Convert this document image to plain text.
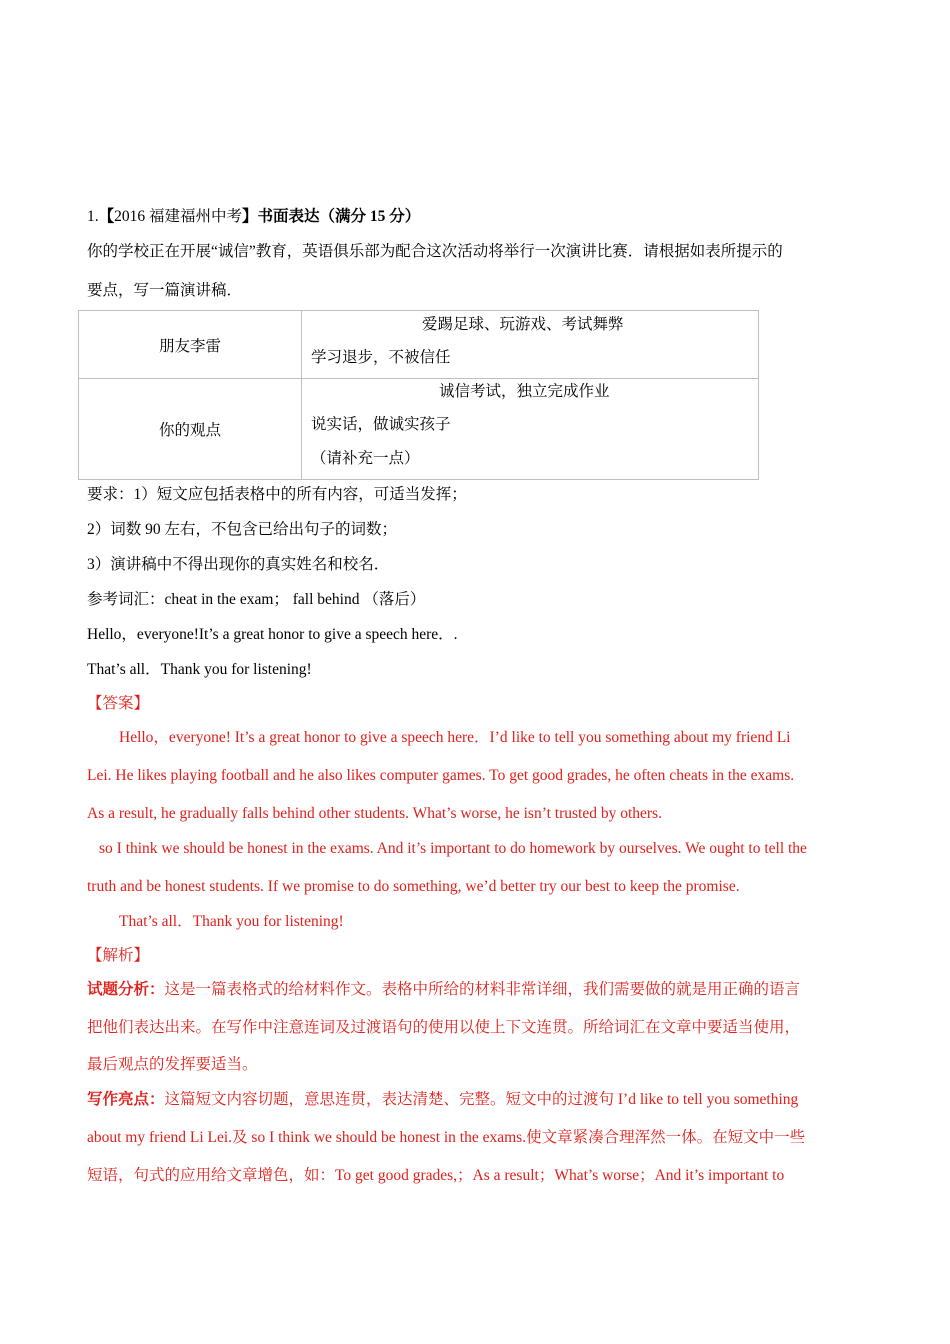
1.【2016 福建福州中考】书面表达（满分 15 分）
你的学校正在开展“诚信”教育，英语俱乐部为配合这次活动将举行一次演讲比赛．请根据如表所提示的
要点，写一篇演讲稿．
朋友李雷	爱踢足球、玩游戏、考试舞弊
学习退步，不被信任

你的观点	诚信考试，独立完成作业
说实话，做诚实孩子
（请补充一点）
要求：1）短文应包括表格中的所有内容，可适当发挥；
2）词数 90 左右，不包含已给出句子的词数；
3）演讲稿中不得出现你的真实姓名和校名．
参考词汇：cheat in the exam； fall behind （落后）
Hello，everyone!It’s a great honor to give a speech here．.
That’s all．Thank you for listening!
【答案】
Hello，everyone! It’s a great honor to give a speech here．I’d like to tell you something about my friend Li
Lei. He likes playing football and he also likes computer games. To get good grades, he often cheats in the exams.
As a result, he gradually falls behind other students. What’s worse, he isn’t trusted by others.
so I think we should be honest in the exams. And it’s important to do homework by ourselves. We ought to tell the
truth and be honest students. If we promise to do something, we’d better try our best to keep the promise.
That’s all．Thank you for listening!
【解析】
试题分析：这是一篇表格式的给材料作文。表格中所给的材料非常详细，我们需要做的就是用正确的语言
把他们表达出来。在写作中注意连词及过渡语句的使用以使上下文连贯。所给词汇在文章中要适当使用，
最后观点的发挥要适当。
写作亮点：这篇短文内容切题，意思连贯，表达清楚、完整。短文中的过渡句 I’d like to tell you something
about my friend Li Lei.及 so I think we should be honest in the exams.使文章紧凑合理浑然一体。在短文中一些
短语，句式的应用给文章增色，如：To get good grades,；As a result；What’s worse；And it’s important to
